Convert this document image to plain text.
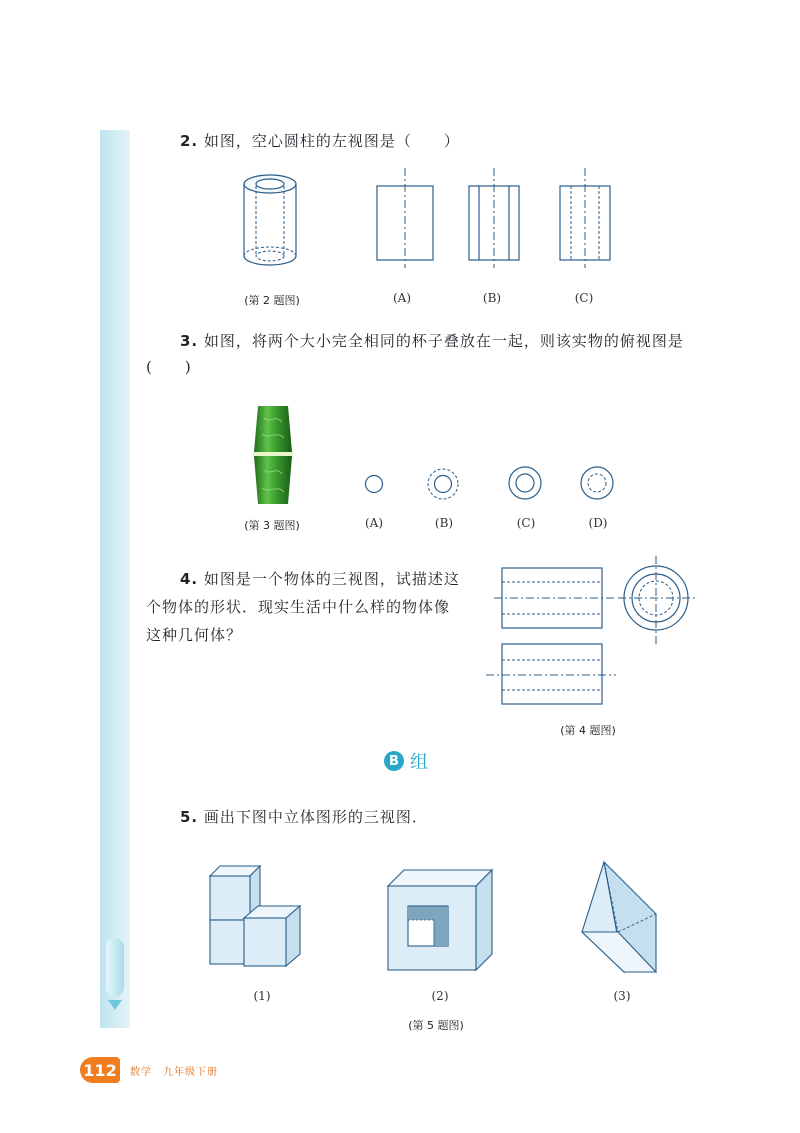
2. 如图，空心圆柱的左视图是（　　）
(第 2 题图)	(A)	(B)	(C)
3. 如图，将两个大小完全相同的杯子叠放在一起，则该实物的俯视图是
(　　)
(第 3 题图)	(A)	(B)	(C)	(D)
4. 如图是一个物体的三视图，试描述这
个物体的形状．现实生活中什么样的物体像
这种几何体？
(第 4 题图)
B 组
5. 画出下图中立体图形的三视图．
(1)	(2)	(3)
(第 5 题图)
112	数学　九年级下册
